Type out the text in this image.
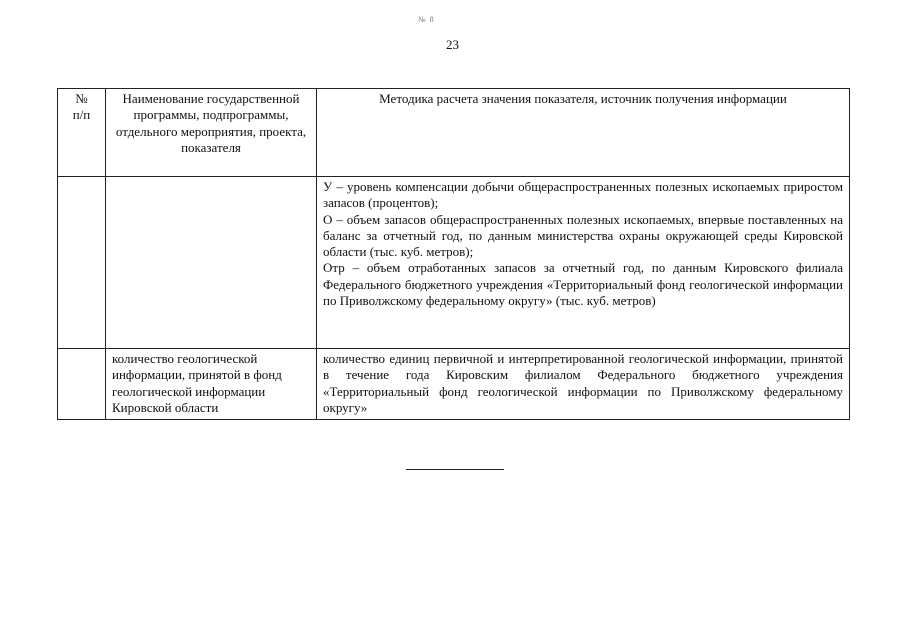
№ 8
23
№
п/п	Наименование государственной программы, подпрограммы, отдельного мероприятия, проекта, показателя	Методика расчета значения показателя, источник получения информации

		У – уровень компенсации добычи общераспространенных полезных ископаемых приростом запасов (процентов);
О – объем запасов общераспространенных полезных ископаемых, впервые поставленных на баланс за отчетный год, по данным министерства охраны окружающей среды Кировской области (тыс. куб. метров);
Отр – объем отработанных запасов за отчетный год, по данным Кировского филиала Федерального бюджетного учреждения «Территориальный фонд геологической информации по Приволжскому федеральному округу» (тыс. куб. метров)

	количество геологической информации, принятой в фонд геологической информации Кировской области	количество единиц первичной и интерпретированной геологической информации, принятой в течение года Кировским филиалом Федерального бюджетного учреждения «Территориальный фонд геологической информации по Приволжскому федеральному округу»
